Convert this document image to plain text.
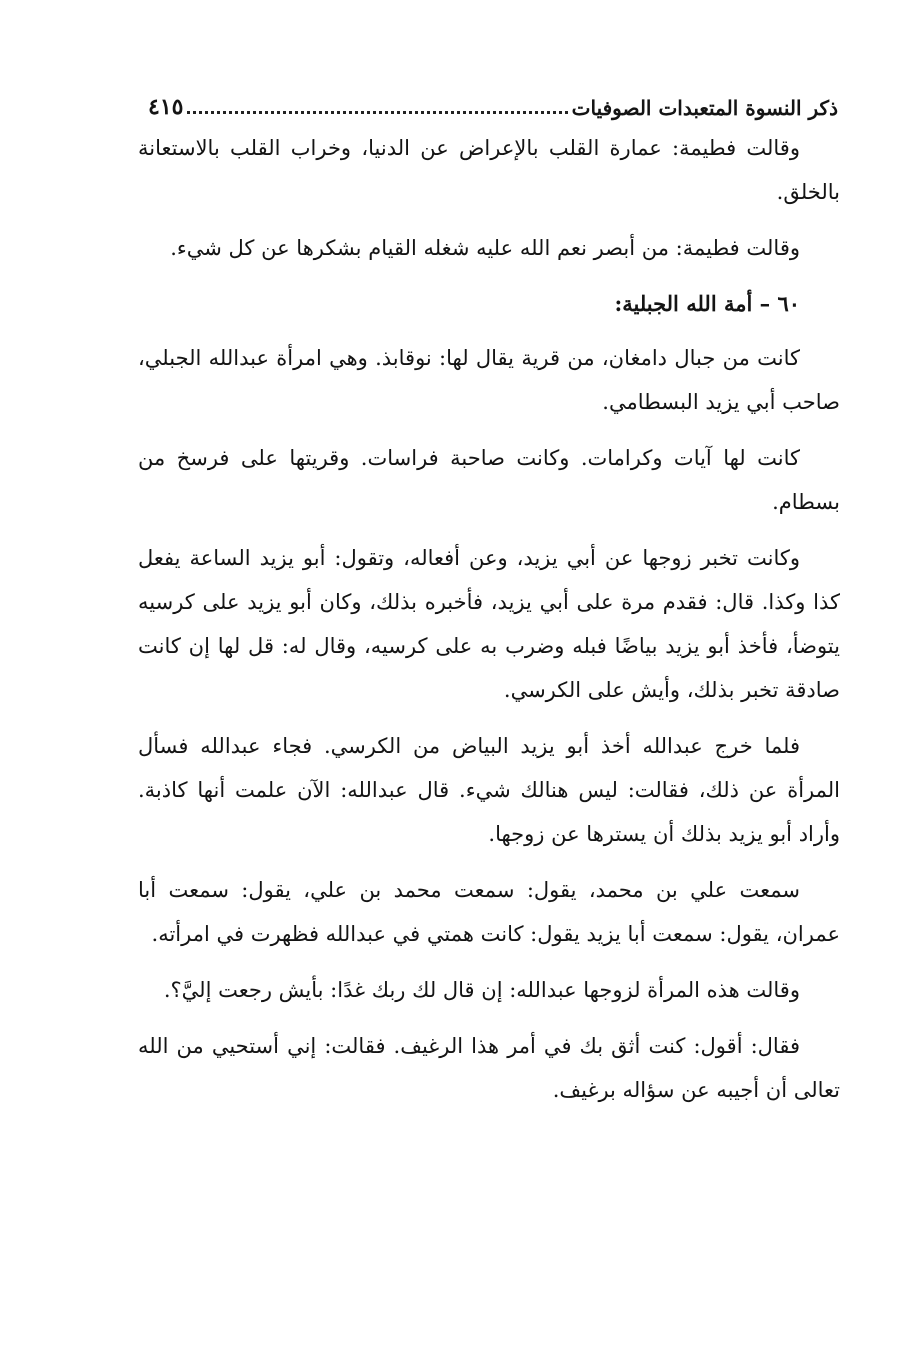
ذكر النسوة المتعبدات الصوفيات
٤١٥

وقالت فطيمة: عمارة القلب بالإعراض عن الدنيا، وخراب القلب بالاستعانة بالخلق.

وقالت فطيمة: من أبصر نعم الله عليه شغله القيام بشكرها عن كل شيء.

٦٠ – أمة الله الجبلية:

كانت من جبال دامغان، من قرية يقال لها: نوقابذ. وهي امرأة عبدالله الجبلي، صاحب أبي يزيد البسطامي.

كانت لها آيات وكرامات. وكانت صاحبة فراسات. وقريتها على فرسخ من بسطام.

وكانت تخبر زوجها عن أبي يزيد، وعن أفعاله، وتقول: أبو يزيد الساعة يفعل كذا وكذا. قال: فقدم مرة على أبي يزيد، فأخبره بذلك، وكان أبو يزيد على كرسيه يتوضأ، فأخذ أبو يزيد بياضًا فبله وضرب به على كرسيه، وقال له: قل لها إن كانت صادقة تخبر بذلك، وأيش على الكرسي.

فلما خرج عبدالله أخذ أبو يزيد البياض من الكرسي. فجاء عبدالله فسأل المرأة عن ذلك، فقالت: ليس هنالك شيء. قال عبدالله: الآن علمت أنها كاذبة. وأراد أبو يزيد بذلك أن يسترها عن زوجها.

سمعت علي بن محمد، يقول: سمعت محمد بن علي، يقول: سمعت أبا عمران، يقول: سمعت أبا يزيد يقول: كانت همتي في عبدالله فظهرت في امرأته.

وقالت هذه المرأة لزوجها عبدالله: إن قال لك ربك غدًا: بأيش رجعت إليَّ؟.

فقال: أقول: كنت أثق بك في أمر هذا الرغيف. فقالت: إني أستحيي من الله تعالى أن أجيبه عن سؤاله برغيف.
